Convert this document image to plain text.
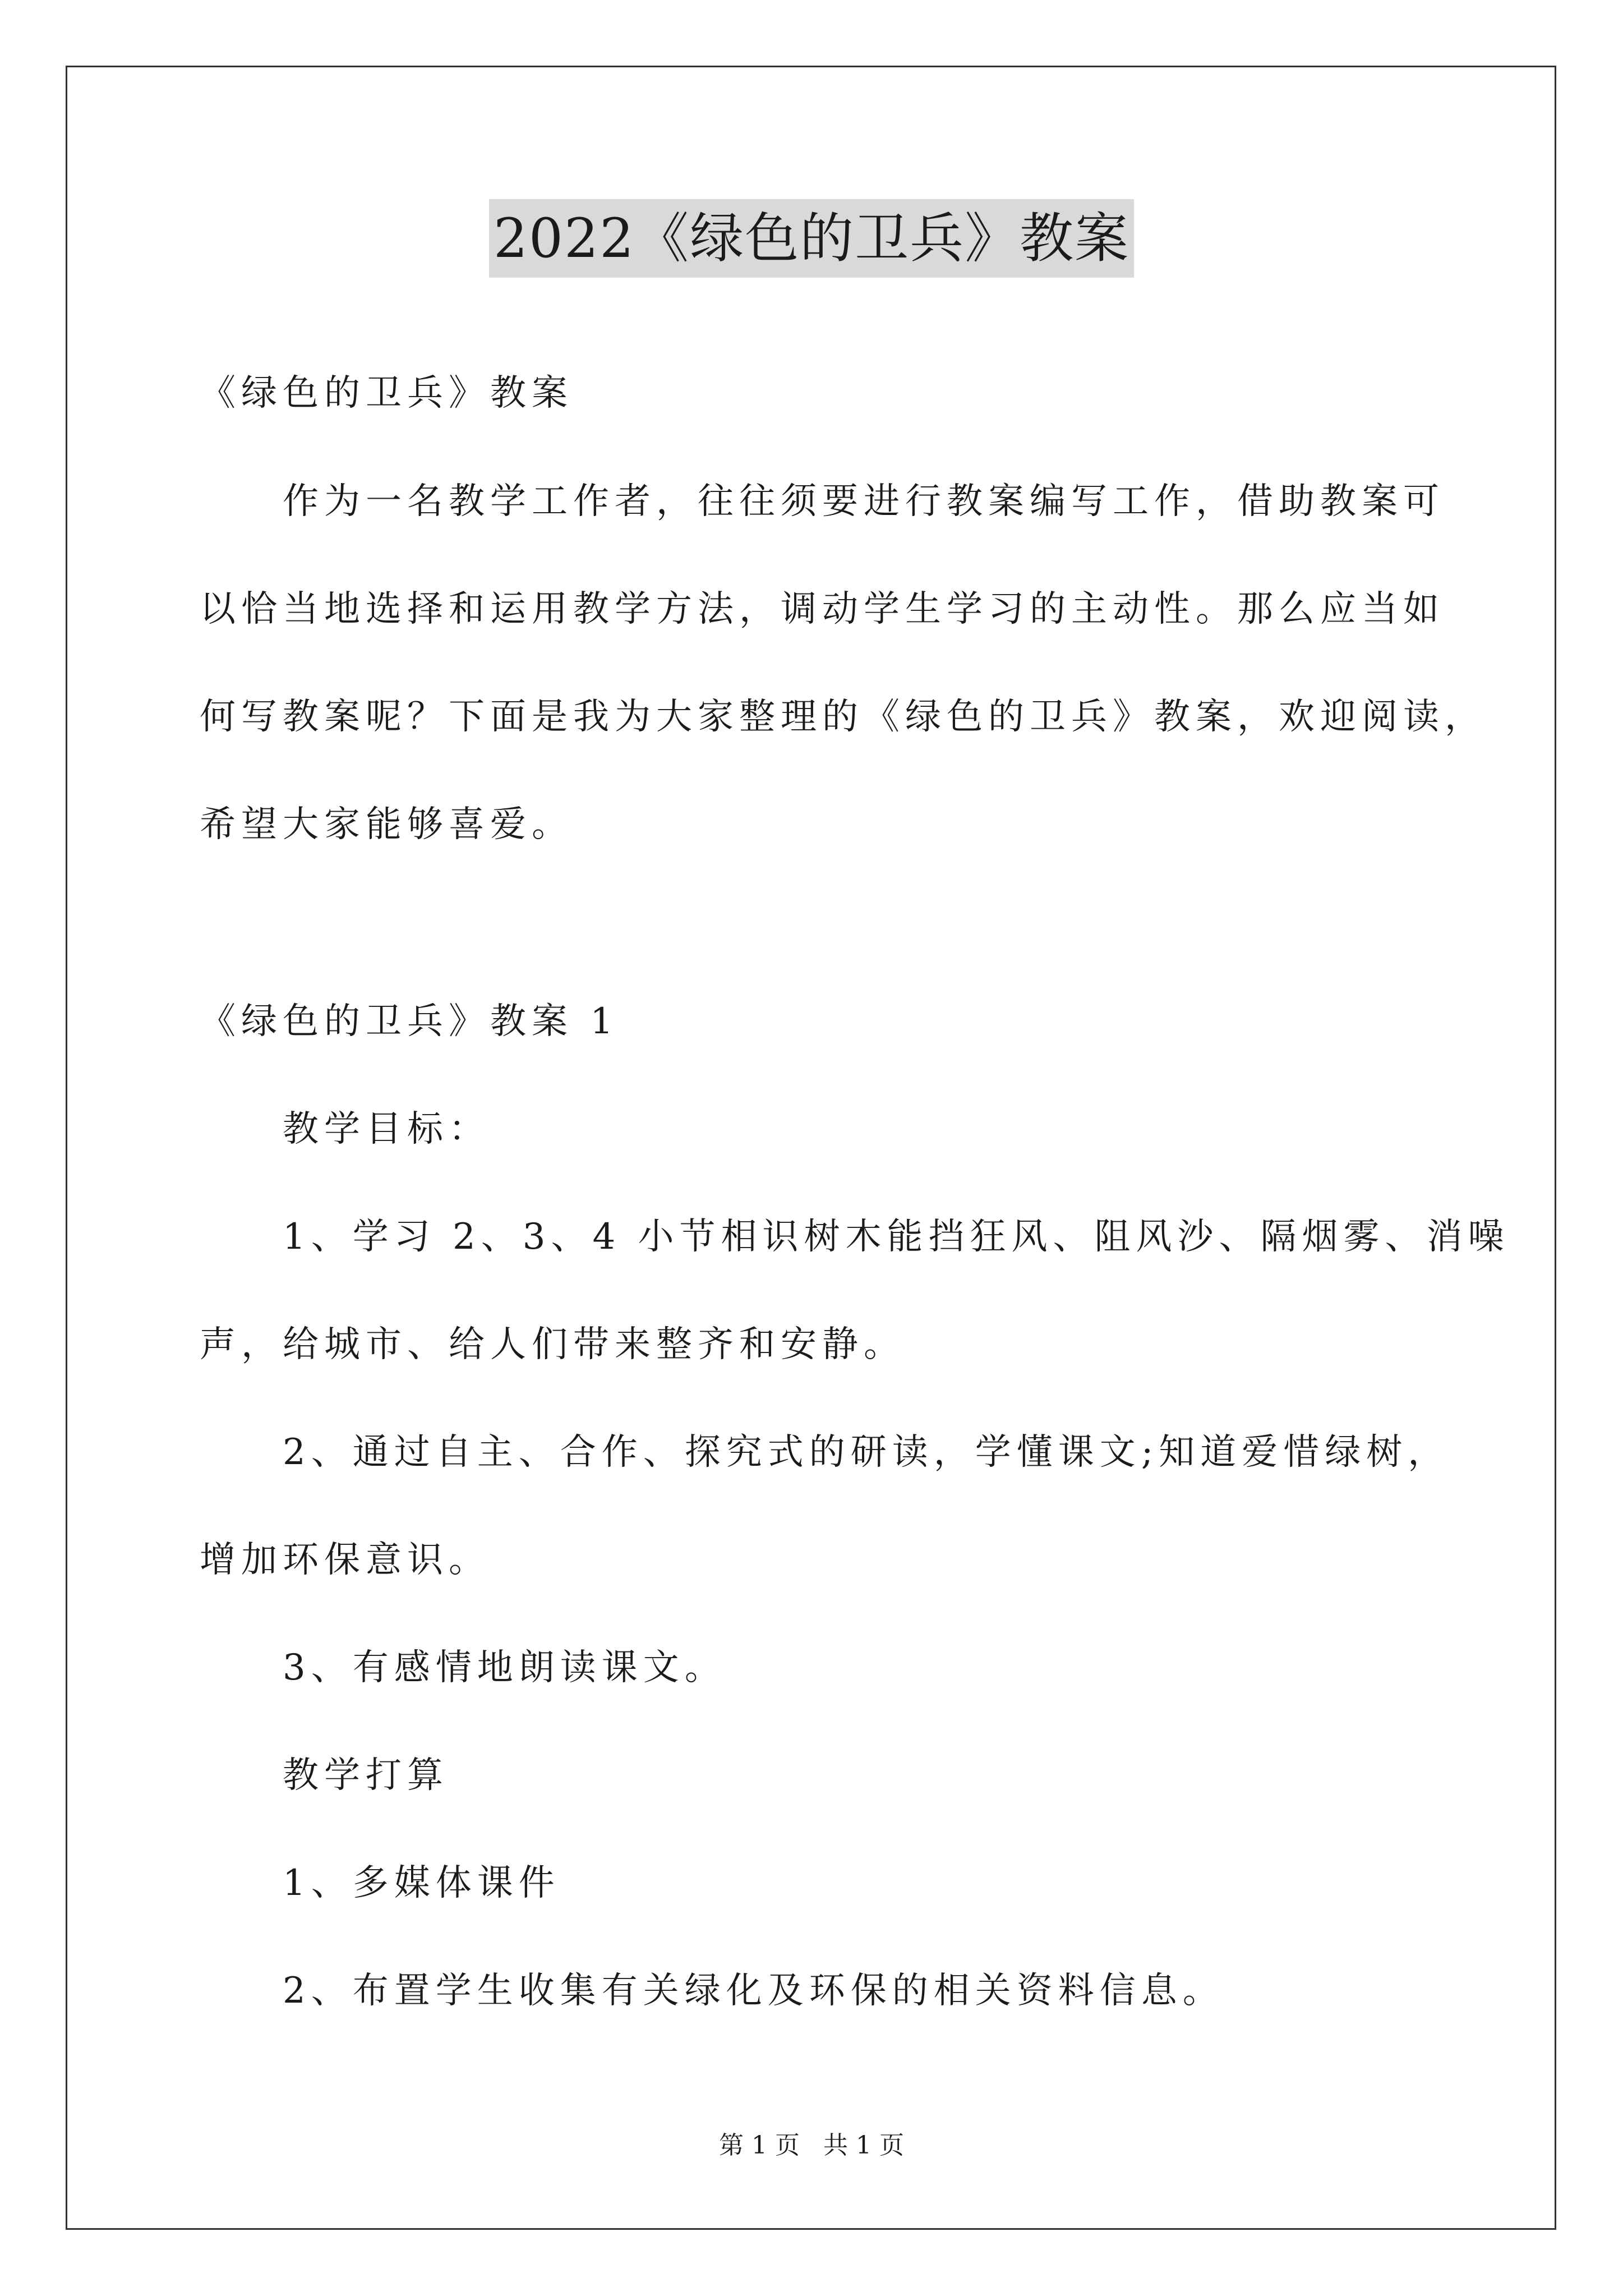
2022《绿色的卫兵》教案

《绿色的卫兵》教案

作为一名教学工作者，往往须要进行教案编写工作，借助教案可

以恰当地选择和运用教学方法，调动学生学习的主动性。那么应当如

何写教案呢？下面是我为大家整理的《绿色的卫兵》教案，欢迎阅读，

希望大家能够喜爱。

《绿色的卫兵》教案 1

教学目标：

1、学习 2、3、4 小节相识树木能挡狂风、阻风沙、隔烟雾、消噪

声，给城市、给人们带来整齐和安静。

2、通过自主、合作、探究式的研读，学懂课文;知道爱惜绿树，

增加环保意识。

3、有感情地朗读课文。

教学打算

1、多媒体课件

2、布置学生收集有关绿化及环保的相关资料信息。

第 1 页   共 1 页
